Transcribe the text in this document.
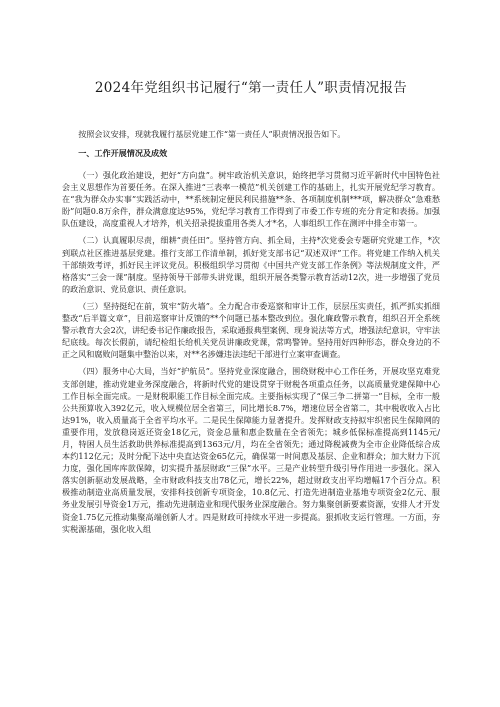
2024年党组织书记履行“第一责任人”职责情况报告

按照会议安排，现就我履行基层党建工作“第一责任人”职责情况报告如下。

一、工作开展情况及成效

（一）强化政治建设，把好“方向盘”。树牢政治机关意识，始终把学习贯彻习近平新时代中国特色社会主义思想作为首要任务。在深入推进“三表率一模范”机关创建工作的基础上，扎实开展党纪学习教育。在“我为群众办实事”实践活动中，**系统制定便民利民措施**条、各项制度机制***项，解决群众“急难愁盼”问题0.8万余件，群众满意度达95%，党纪学习教育工作得到了市委工作专班的充分肯定和表扬。加强队伍建设，高度重视人才培养，机关招录提拔重用各类人才*名，人事组织工作在测评中排全市第一。

（二）认真履职尽责，细耕“责任田”。坚持管方向、抓全局，主持*次党委会专题研究党建工作，*次到联点社区推进基层党建。推行支部工作清单制，抓好党支部书记“双述双评”工作。将党建工作纳入机关干部绩效考评，抓好民主评议党员。积极组织学习贯彻《中国共产党支部工作条例》等法规制度文件，严格落实“三会一课”制度。坚持领导干部带头讲党课，组织开展各类警示教育活动12次，进一步增强了党员的政治意识、党员意识、责任意识。

（三）坚持挺纪在前，筑牢“防火墙”。全力配合市委巡察和审计工作，层层压实责任，抓严抓实抓细整改“后半篇文章”，目前巡察审计反馈的**个问题已基本整改到位。强化廉政警示教育，组织召开全系统警示教育大会2次，讲纪委书记作廉政报告，采取通报典型案例、现身说法等方式，增强法纪意识，守牢法纪底线。每次长假前，请纪检组长给机关党员讲廉政党课，常鸣警钟。坚持用好四种形态，群众身边的不正之风和腐败问题集中整治以来，对**名涉嫌违法违纪干部进行立案审查调查。

（四）服务中心大局，当好“护航员”。坚持党业深度融合，围绕财税中心工作任务，开展攻坚克难党支部创建，推动党建业务深度融合，将新时代党的建设贯穿于财税各项重点任务，以高质量党建保障中心工作目标全面完成。一是财税职能工作目标全面完成。主要指标实现了“保三争二拼第一”目标，全市一般公共预算收入392亿元，收入规模位居全省第三，同比增长8.7%，增速位居全省第二，其中税收收入占比达91%，收入质量高于全省平均水平。二是民生保障能力显著提升。发挥财政支持拟牢织密民生保障网的重要作用，发放稳岗返还资金18亿元，资金总量和惠企数量在全省领先；城乡低保标准提高到1145元/月，特困人员生活救助供养标准提高到1363元/月，均在全省领先；通过降税减费为全市企业降低综合成本约112亿元；及时分配下达中央直达资金65亿元，确保第一时间惠及基层、企业和群众；加大财力下沉力度，强化国库库款保障，切实提升基层财政“三保”水平。三是产业转型升级引导作用进一步强化。深入落实创新驱动发展战略，全市财政科技支出78亿元，增长22%，超过财政支出平均增幅17个百分点。积极推动制造业高质量发展，安排科技创新专项资金，10.8亿元、打造先进制造业基地专项资金2亿元、服务业发展引导资金1万元，推动先进制造业和现代服务业深度融合。努力集聚创新要素资源，安排人才开发资金1.75亿元推动集聚高端创新人才。四是财政可持续水平进一步提高。狠抓收支运行管理。一方面，夯实税源基础，强化收入组
